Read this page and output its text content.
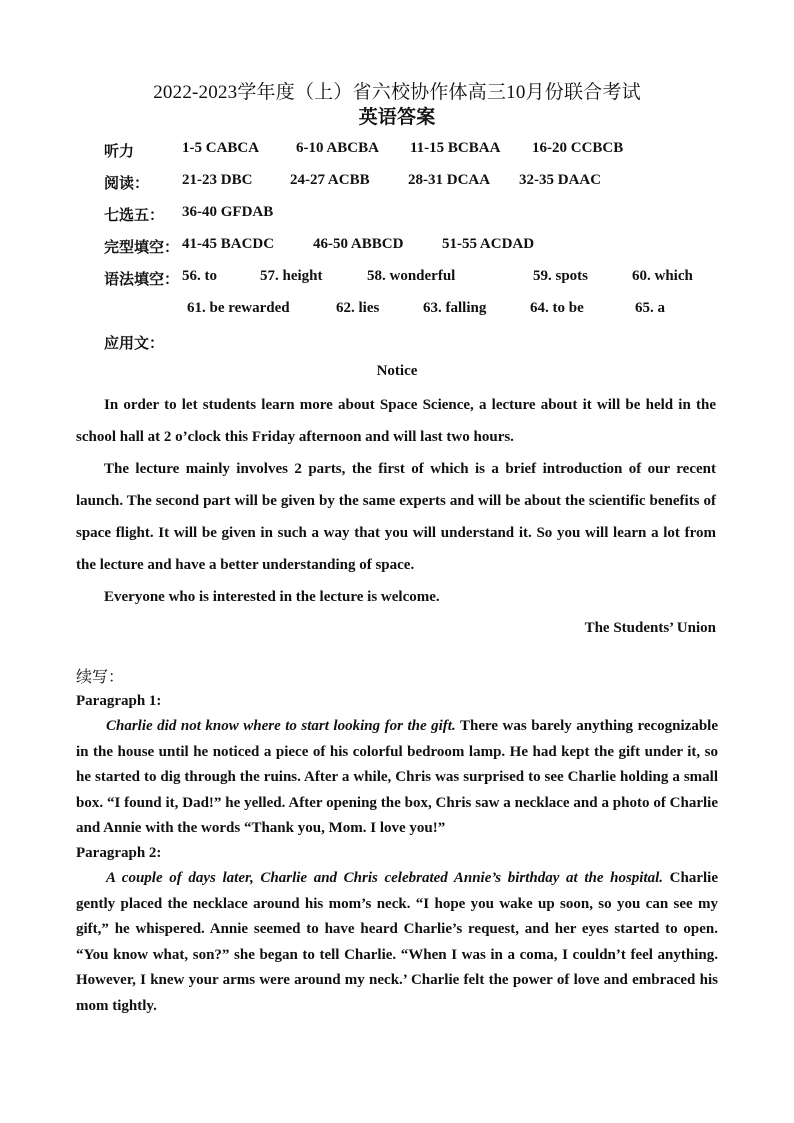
2022-2023学年度（上）省六校协作体高三10月份联合考试
英语答案
听力	1-5 CABCA 6-10 ABCBA 11-15 BCBAA 16-20 CCBCB
阅读： 21-23 DBC	24-27 ACBB	28-31 DCAA 32-35 DAAC
七选五： 36-40 GFDAB
完型填空： 41-45 BACDC	46-50 ABBCD	51-55 ACDAD
语法填空： 56. to	57. height	58. wonderful	59. spots	60. which
61. be rewarded	62. lies	63. falling	64. to be	65. a
应用文：
Notice

In order to let students learn more about Space Science, a lecture about it will be held in the school hall at 2 o’clock this Friday afternoon and will last two hours.

The lecture mainly involves 2 parts, the first of which is a brief introduction of our recent launch. The second part will be given by the same experts and will be about the scientific benefits of space flight. It will be given in such a way that you will understand it. So you will learn a lot from the lecture and have a better understanding of space.

Everyone who is interested in the lecture is welcome.

The Students’ Union
续写：
Paragraph 1:

Charlie did not know where to start looking for the gift. There was barely anything recognizable in the house until he noticed a piece of his colorful bedroom lamp. He had kept the gift under it, so he started to dig through the ruins. After a while, Chris was surprised to see Charlie holding a small box. “I found it, Dad!” he yelled. After opening the box, Chris saw a necklace and a photo of Charlie and Annie with the words “Thank you, Mom. I love you!”

Paragraph 2:

A couple of days later, Charlie and Chris celebrated Annie’s birthday at the hospital. Charlie gently placed the necklace around his mom’s neck. “I hope you wake up soon, so you can see my gift,” he whispered. Annie seemed to have heard Charlie’s request, and her eyes started to open. “You know what, son?” she began to tell Charlie. “When I was in a coma, I couldn’t feel anything. However, I knew your arms were around my neck.’ Charlie felt the power of love and embraced his mom tightly.
